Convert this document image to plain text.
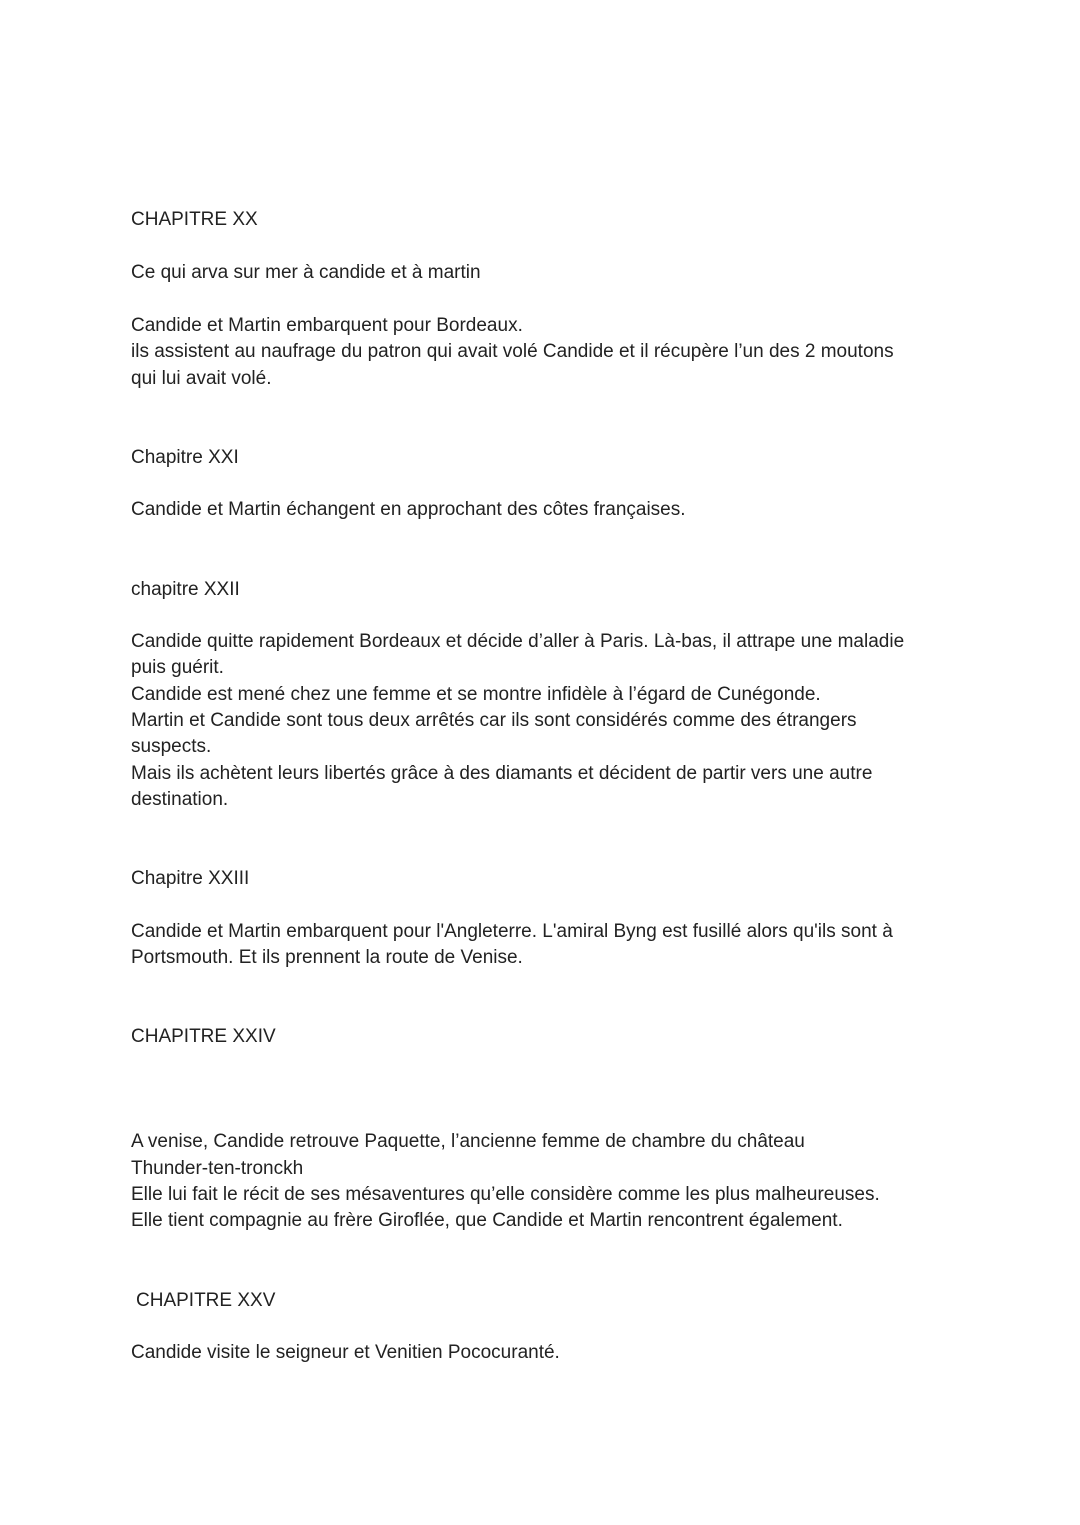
CHAPITRE XX

Ce qui arva sur mer à candide et à martin

Candide et Martin embarquent pour Bordeaux.

ils assistent au naufrage du patron qui avait volé Candide et il récupère l’un des 2 moutons

qui lui avait volé.

Chapitre XXI

Candide et Martin échangent en approchant des côtes françaises.

chapitre XXII

Candide quitte rapidement Bordeaux et décide d’aller à Paris. Là-bas, il attrape une maladie

puis guérit.

Candide est mené chez une femme et se montre infidèle à l’égard de Cunégonde.

Martin et Candide sont tous deux arrêtés car ils sont considérés comme des étrangers

suspects.

Mais ils achètent leurs libertés grâce à des diamants et décident de partir vers une autre

destination.

Chapitre XXIII

Candide et Martin embarquent pour l'Angleterre. L'amiral Byng est fusillé alors qu'ils sont à

Portsmouth. Et ils prennent la route de Venise.

CHAPITRE XXIV

A venise, Candide retrouve Paquette, l’ancienne femme de chambre du château

Thunder-ten-tronckh

Elle lui fait le récit de ses mésaventures qu’elle considère comme les plus malheureuses.

Elle tient compagnie au frère Giroflée, que Candide et Martin rencontrent également.

CHAPITRE XXV

Candide visite le seigneur et Venitien Pococuranté.
